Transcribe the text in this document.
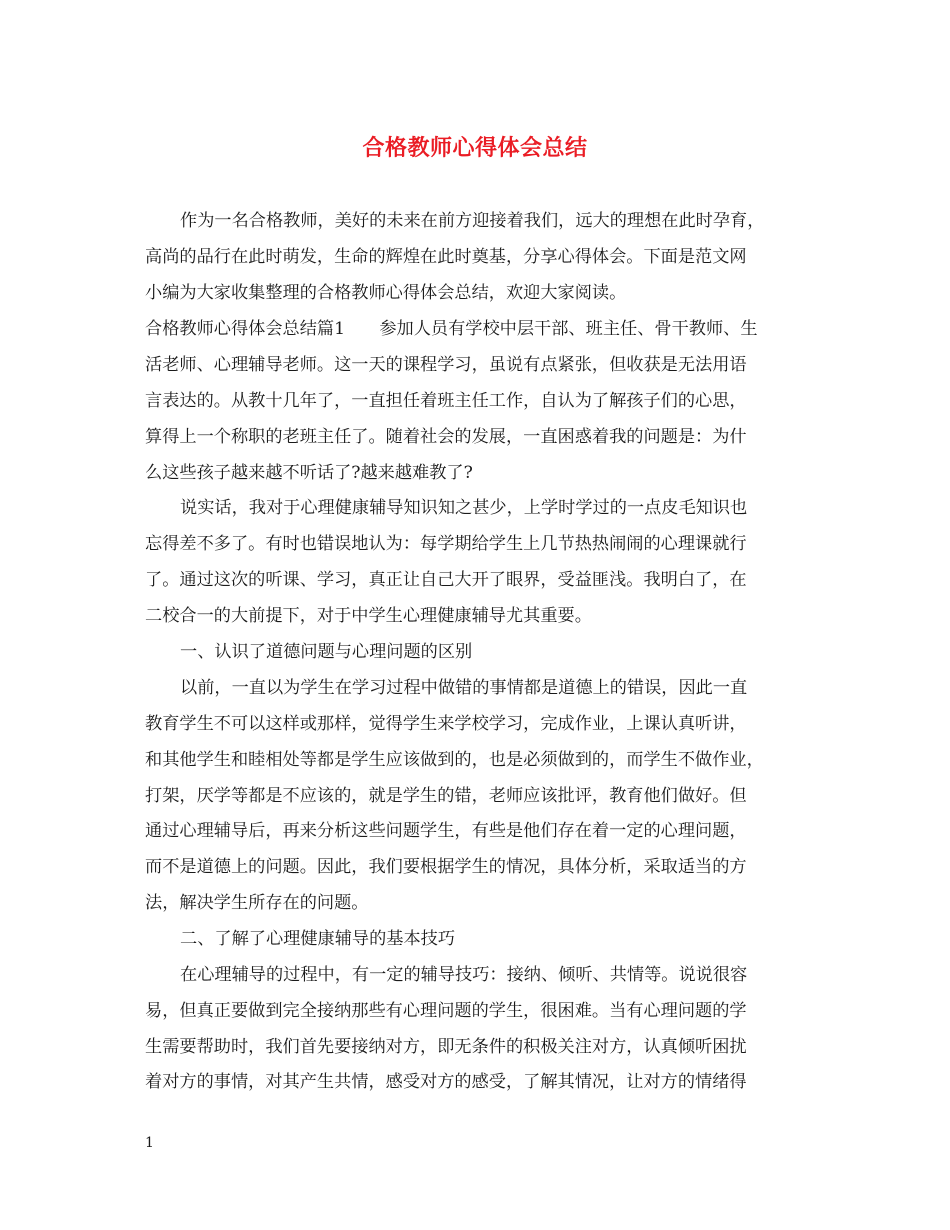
合格教师心得体会总结
作为一名合格教师，美好的未来在前方迎接着我们，远大的理想在此时孕育，
高尚的品行在此时萌发，生命的辉煌在此时奠基，分享心得体会。下面是范文网
小编为大家收集整理的合格教师心得体会总结，欢迎大家阅读。
合格教师心得体会总结篇1　　参加人员有学校中层干部、班主任、骨干教师、生
活老师、心理辅导老师。这一天的课程学习，虽说有点紧张，但收获是无法用语
言表达的。从教十几年了，一直担任着班主任工作，自认为了解孩子们的心思，
算得上一个称职的老班主任了。随着社会的发展，一直困惑着我的问题是：为什
么这些孩子越来越不听话了?越来越难教了?
说实话，我对于心理健康辅导知识知之甚少，上学时学过的一点皮毛知识也
忘得差不多了。有时也错误地认为：每学期给学生上几节热热闹闹的心理课就行
了。通过这次的听课、学习，真正让自己大开了眼界，受益匪浅。我明白了，在
二校合一的大前提下，对于中学生心理健康辅导尤其重要。
一、认识了道德问题与心理问题的区别
以前，一直以为学生在学习过程中做错的事情都是道德上的错误，因此一直
教育学生不可以这样或那样，觉得学生来学校学习，完成作业，上课认真听讲，
和其他学生和睦相处等都是学生应该做到的，也是必须做到的，而学生不做作业，
打架，厌学等都是不应该的，就是学生的错，老师应该批评，教育他们做好。但
通过心理辅导后，再来分析这些问题学生，有些是他们存在着一定的心理问题，
而不是道德上的问题。因此，我们要根据学生的情况，具体分析，采取适当的方
法，解决学生所存在的问题。
二、了解了心理健康辅导的基本技巧
在心理辅导的过程中，有一定的辅导技巧：接纳、倾听、共情等。说说很容
易，但真正要做到完全接纳那些有心理问题的学生，很困难。当有心理问题的学
生需要帮助时，我们首先要接纳对方，即无条件的积极关注对方，认真倾听困扰
着对方的事情，对其产生共情，感受对方的感受，了解其情况，让对方的情绪得
1
